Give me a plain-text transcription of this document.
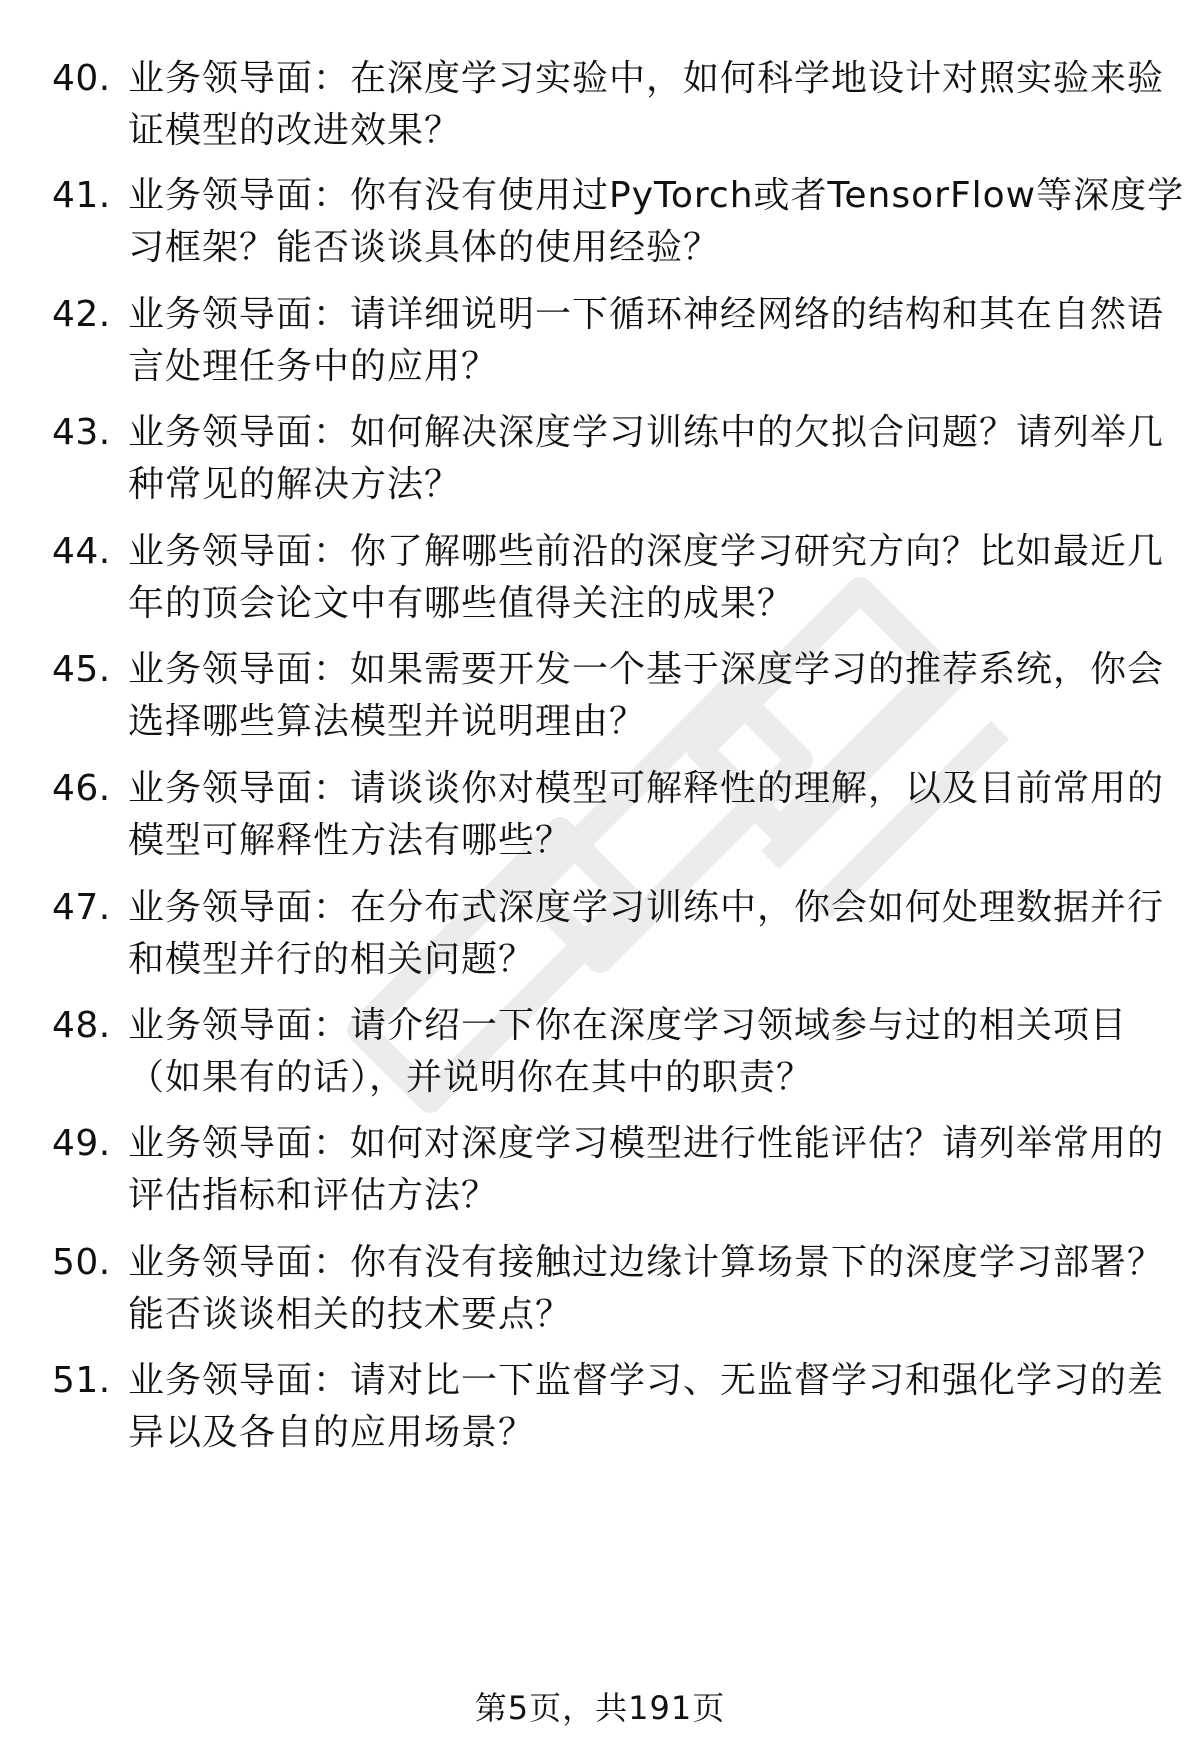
40. 业务领导面：在深度学习实验中，如何科学地设计对照实验来验
证模型的改进效果？
41. 业务领导面：你有没有使用过PyTorch或者TensorFlow等深度学
习框架？能否谈谈具体的使用经验？
42. 业务领导面：请详细说明一下循环神经网络的结构和其在自然语
言处理任务中的应用？
43. 业务领导面：如何解决深度学习训练中的欠拟合问题？请列举几
种常见的解决方法？
44. 业务领导面：你了解哪些前沿的深度学习研究方向？比如最近几
年的顶会论文中有哪些值得关注的成果？
45. 业务领导面：如果需要开发一个基于深度学习的推荐系统，你会
选择哪些算法模型并说明理由？
46. 业务领导面：请谈谈你对模型可解释性的理解，以及目前常用的
模型可解释性方法有哪些？
47. 业务领导面：在分布式深度学习训练中，你会如何处理数据并行
和模型并行的相关问题？
48. 业务领导面：请介绍一下你在深度学习领域参与过的相关项目
（如果有的话），并说明你在其中的职责？
49. 业务领导面：如何对深度学习模型进行性能评估？请列举常用的
评估指标和评估方法？
50. 业务领导面：你有没有接触过边缘计算场景下的深度学习部署？
能否谈谈相关的技术要点？
51. 业务领导面：请对比一下监督学习、无监督学习和强化学习的差
异以及各自的应用场景？
第5页，共191页
